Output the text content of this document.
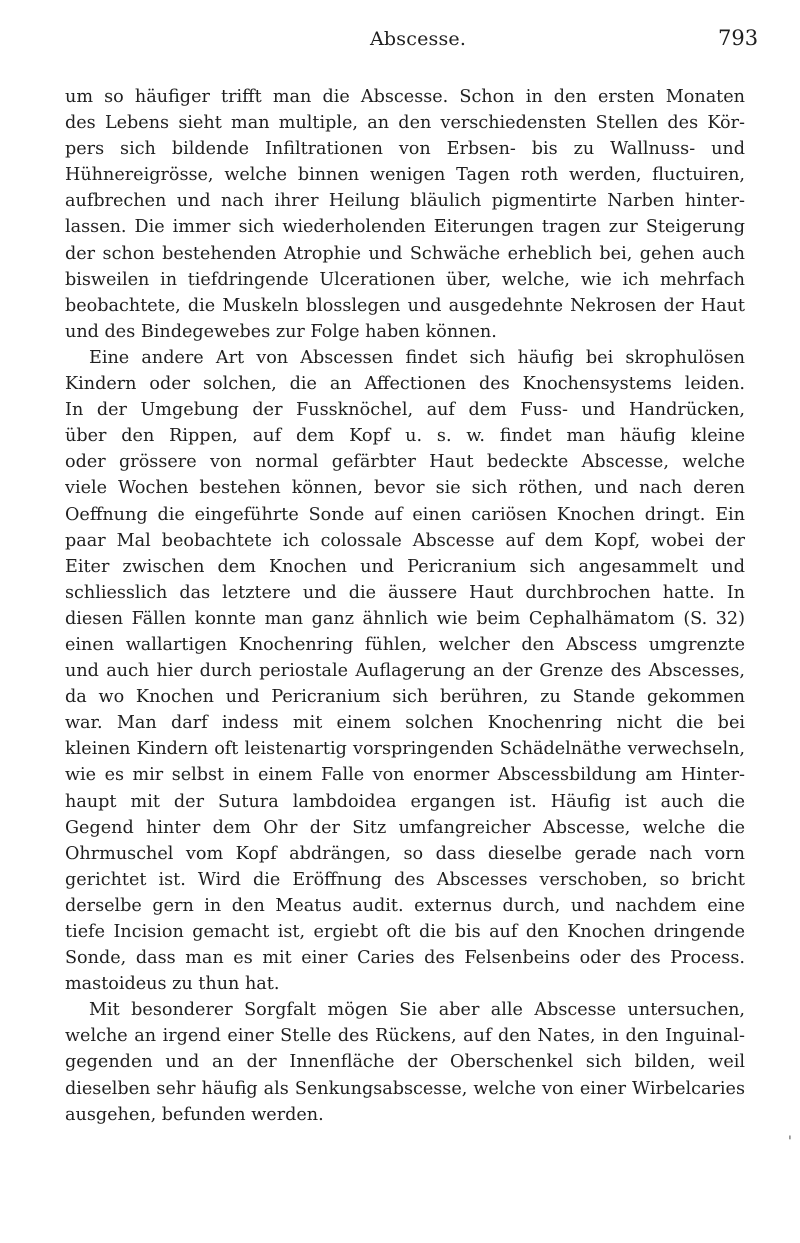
Abscesse.	793
um so häufiger trifft man die Abscesse. Schon in den ersten Monaten
des Lebens sieht man multiple, an den verschiedensten Stellen des Kör-
pers sich bildende Infiltrationen von Erbsen- bis zu Wallnuss- und
Hühnereigrösse, welche binnen wenigen Tagen roth werden, fluctuiren,
aufbrechen und nach ihrer Heilung bläulich pigmentirte Narben hinter-
lassen. Die immer sich wiederholenden Eiterungen tragen zur Steigerung
der schon bestehenden Atrophie und Schwäche erheblich bei, gehen auch
bisweilen in tiefdringende Ulcerationen über, welche, wie ich mehrfach
beobachtete, die Muskeln blosslegen und ausgedehnte Nekrosen der Haut
und des Bindegewebes zur Folge haben können.
Eine andere Art von Abscessen findet sich häufig bei skrophulösen
Kindern oder solchen, die an Affectionen des Knochensystems leiden.
In der Umgebung der Fussknöchel, auf dem Fuss- und Handrücken,
über den Rippen, auf dem Kopf u. s. w. findet man häufig kleine
oder grössere von normal gefärbter Haut bedeckte Abscesse, welche
viele Wochen bestehen können, bevor sie sich röthen, und nach deren
Oeffnung die eingeführte Sonde auf einen cariösen Knochen dringt. Ein
paar Mal beobachtete ich colossale Abscesse auf dem Kopf, wobei der
Eiter zwischen dem Knochen und Pericranium sich angesammelt und
schliesslich das letztere und die äussere Haut durchbrochen hatte. In
diesen Fällen konnte man ganz ähnlich wie beim Cephalhämatom (S. 32)
einen wallartigen Knochenring fühlen, welcher den Abscess umgrenzte
und auch hier durch periostale Auflagerung an der Grenze des Abscesses,
da wo Knochen und Pericranium sich berühren, zu Stande gekommen
war. Man darf indess mit einem solchen Knochenring nicht die bei
kleinen Kindern oft leistenartig vorspringenden Schädelnäthe verwechseln,
wie es mir selbst in einem Falle von enormer Abscessbildung am Hinter-
haupt mit der Sutura lambdoidea ergangen ist. Häufig ist auch die
Gegend hinter dem Ohr der Sitz umfangreicher Abscesse, welche die
Ohrmuschel vom Kopf abdrängen, so dass dieselbe gerade nach vorn
gerichtet ist. Wird die Eröffnung des Abscesses verschoben, so bricht
derselbe gern in den Meatus audit. externus durch, und nachdem eine
tiefe Incision gemacht ist, ergiebt oft die bis auf den Knochen dringende
Sonde, dass man es mit einer Caries des Felsenbeins oder des Process.
mastoideus zu thun hat.
Mit besonderer Sorgfalt mögen Sie aber alle Abscesse untersuchen,
welche an irgend einer Stelle des Rückens, auf den Nates, in den Inguinal-
gegenden und an der Innenfläche der Oberschenkel sich bilden, weil
dieselben sehr häufig als Senkungsabscesse, welche von einer Wirbelcaries
ausgehen, befunden werden.
'
